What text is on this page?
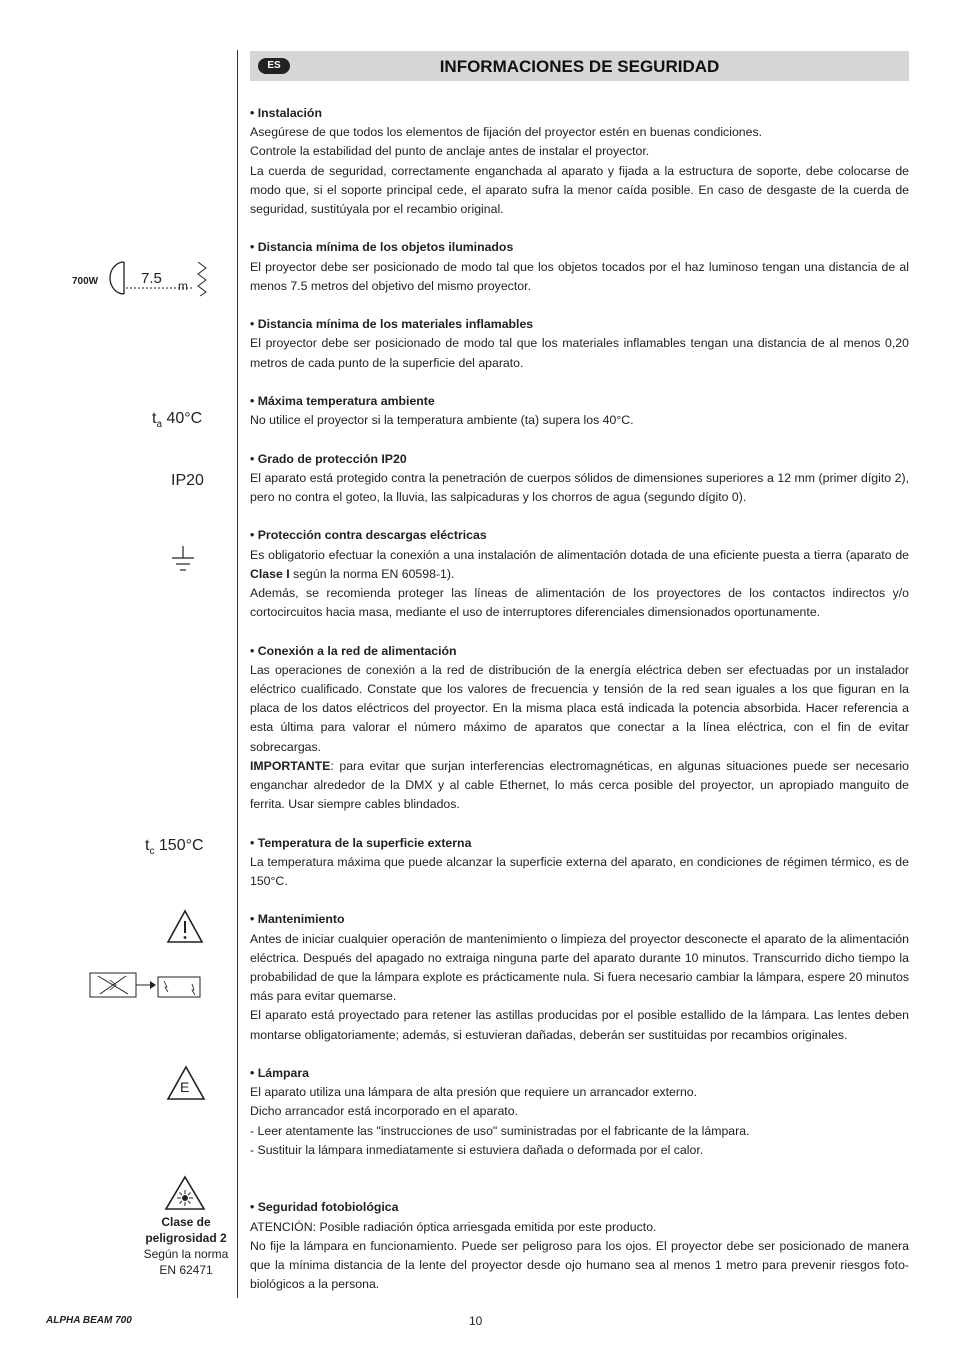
ES	INFORMACIONES DE SEGURIDAD

• Instalación

Asegúrese de que todos los elementos de fijación del proyector estén en buenas condiciones.

Controle la estabilidad del punto de anclaje antes de instalar el proyector.

La cuerda de seguridad, correctamente enganchada al aparato y fijada a la estructura de soporte, debe colocarse de modo que, si el soporte principal cede, el aparato sufra la menor caída posible. En caso de desgaste de la cuerda de seguridad, sustitúyala por el recambio original.

• Distancia mínima de los objetos iluminados

El proyector debe ser posicionado de modo tal que los objetos tocados por el haz luminoso tengan una distancia de al menos 7.5 metros del objetivo del mismo proyector.

• Distancia mínima de los materiales inflamables

El proyector debe ser posicionado de modo tal que los materiales inflamables tengan una distancia de al menos 0,20 metros de cada punto de la superficie del aparato.

• Máxima temperatura ambiente

No utilice el proyector si la temperatura ambiente (ta) supera los 40°C.

• Grado de protección IP20

El aparato está protegido contra la penetración de cuerpos sólidos de dimensiones superiores a 12 mm (primer dígito 2), pero no contra el goteo, la lluvia, las salpicaduras y los chorros de agua (segundo dígito 0).

• Protección contra descargas eléctricas

Es obligatorio efectuar la conexión a una instalación de alimentación dotada de una eficiente puesta a tierra (aparato de Clase I según la norma EN 60598-1).

Además, se recomienda proteger las líneas de alimentación de los proyectores de los contactos indirectos y/o cortocircuitos hacia masa, mediante el uso de interruptores diferenciales dimensionados oportunamente.

• Conexión a la red de alimentación

Las operaciones de conexión a la red de distribución de la energía eléctrica deben ser efectuadas por un instalador eléctrico cualificado. Constate que los valores de frecuencia y tensión de la red sean iguales a los que figuran en la placa de los datos eléctricos del proyector. En la misma placa está indicada la potencia absorbida. Hacer referencia a esta última para valorar el número máximo de aparatos que conectar a la línea eléctrica, con el fin de evitar sobrecargas.

IMPORTANTE: para evitar que surjan interferencias electromagnéticas, en algunas situaciones puede ser necesario enganchar alrededor de la DMX y al cable Ethernet, lo más cerca posible del proyector, un apropiado manguito de ferrita. Usar siempre cables blindados.

• Temperatura de la superficie externa

La temperatura máxima que puede alcanzar la superficie externa del aparato, en condiciones de régimen térmico, es de 150°C.

• Mantenimiento

Antes de iniciar cualquier operación de mantenimiento o limpieza del proyector desconecte el aparato de la alimentación eléctrica. Después del apagado no extraiga ninguna parte del aparato durante 10 minutos. Transcurrido dicho tiempo la probabilidad de que la lámpara explote es prácticamente nula. Si fuera necesario cambiar la lámpara, espere 20 minutos más para evitar quemarse.

El aparato está proyectado para retener las astillas producidas por el posible estallido de la lámpara. Las lentes deben montarse obligatoriamente; además, si estuvieran dañadas, deberán ser sustituidas por recambios originales.

• Lámpara

El aparato utiliza una lámpara de alta presión que requiere un arrancador externo.

Dicho arrancador está incorporado en el aparato.

- Leer atentamente las "instrucciones de uso" suministradas por el fabricante de la lámpara.

- Sustituir la lámpara inmediatamente si estuviera dañada o deformada por el calor.

• Seguridad fotobiológica

ATENCIÓN: Posible radiación óptica arriesgada emitida por este producto.

No fije la lámpara en funcionamiento. Puede ser peligroso para los ojos. El proyector debe ser posicionado de manera que la mínima distancia de la lente del proyector desde ojo humano sea al menos 1 metro para prevenir riesgos foto-biológicos a la persona.

700W	7.5 m
$t_a$ 40°C
IP20
$t_c$ 150°C
E
Clase de
peligrosidad 2
Según la norma
EN 62471
ALPHA BEAM 700	10
